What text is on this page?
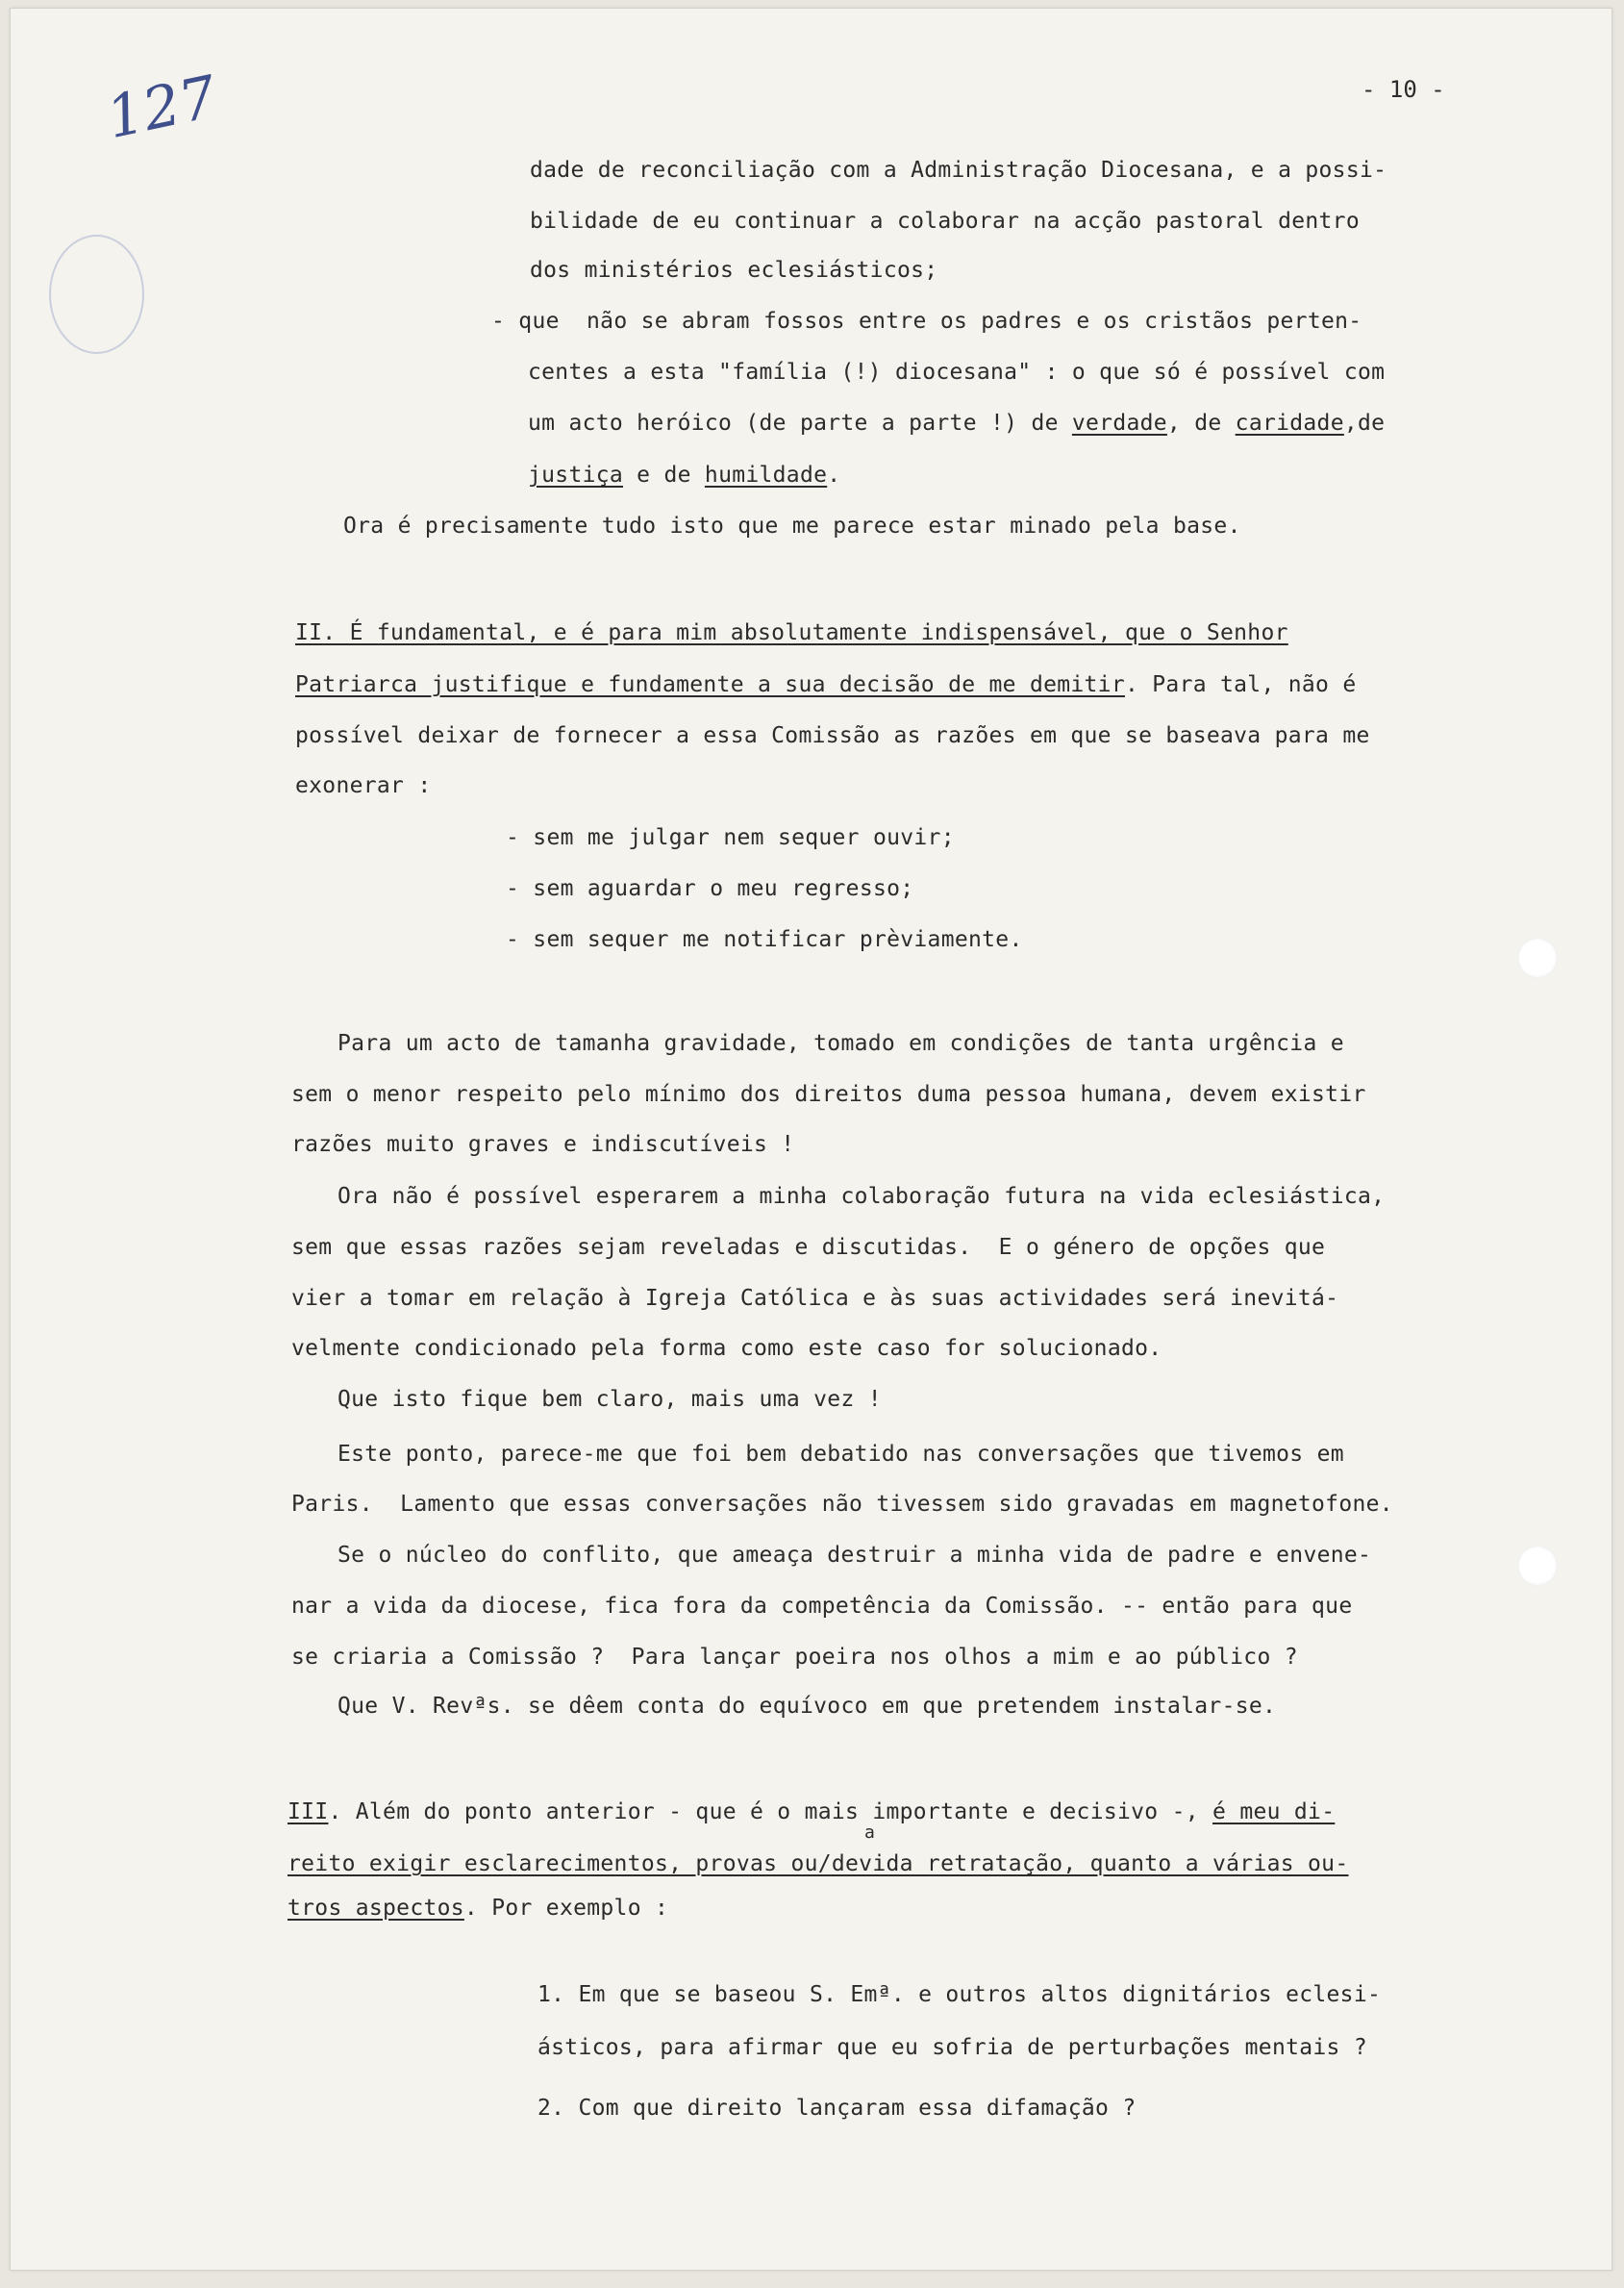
127	- 10 -
dade de reconciliação com a Administração Diocesana, e a possi-
bilidade de eu continuar a colaborar na acção pastoral dentro
dos ministérios eclesiásticos;
- que  não se abram fossos entre os padres e os cristãos perten-
centes a esta "família (!) diocesana" : o que só é possível com
um acto heróico (de parte a parte !) de verdade, de caridade,de
justiça e de humildade.
Ora é precisamente tudo isto que me parece estar minado pela base.
II. É fundamental, e é para mim absolutamente indispensável, que o Senhor
Patriarca justifique e fundamente a sua decisão de me demitir. Para tal, não é
possível deixar de fornecer a essa Comissão as razões em que se baseava para me
exonerar :
- sem me julgar nem sequer ouvir;
- sem aguardar o meu regresso;
- sem sequer me notificar prèviamente.
Para um acto de tamanha gravidade, tomado em condições de tanta urgência e
sem o menor respeito pelo mínimo dos direitos duma pessoa humana, devem existir
razões muito graves e indiscutíveis !
Ora não é possível esperarem a minha colaboração futura na vida eclesiástica,
sem que essas razões sejam reveladas e discutidas.  E o género de opções que
vier a tomar em relação à Igreja Católica e às suas actividades será inevitá-
velmente condicionado pela forma como este caso for solucionado.
Que isto fique bem claro, mais uma vez !
Este ponto, parece-me que foi bem debatido nas conversações que tivemos em
Paris.  Lamento que essas conversações não tivessem sido gravadas em magnetofone.
Se o núcleo do conflito, que ameaça destruir a minha vida de padre e envene-
nar a vida da diocese, fica fora da competência da Comissão. -- então para que
se criaria a Comissão ?  Para lançar poeira nos olhos a mim e ao público ?
Que V. Revªs. se dêem conta do equívoco em que pretendem instalar-se.
III. Além do ponto anterior - que é o mais importante e decisivo -, é meu di-
reito exigir esclarecimentos, provas ou/devida retratação, quanto a várias ou-
tros aspectos. Por exemplo :
1. Em que se baseou S. Emª. e outros altos dignitários eclesi-
ásticos, para afirmar que eu sofria de perturbações mentais ?
2. Com que direito lançaram essa difamação ?
a
